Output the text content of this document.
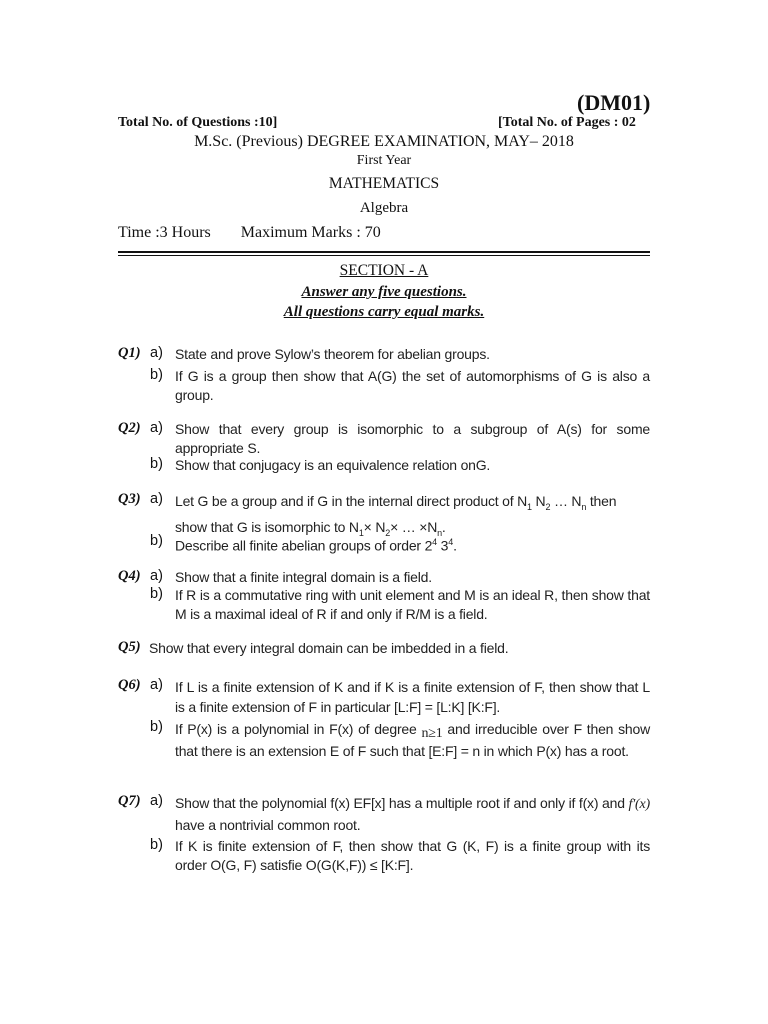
(DM01)
Total No. of Questions :10]	[Total No. of Pages : 02
M.Sc. (Previous) DEGREE EXAMINATION, MAY– 2018
First Year
MATHEMATICS
Algebra
Time :3 Hours Maximum Marks : 70
SECTION - A
Answer any five questions.
All questions carry equal marks.
Q1) a) State and prove Sylow’s theorem for abelian groups.
b) If G is a group then show that A(G) the set of automorphisms of G is also a group.
Q2) a) Show that every group is isomorphic to a subgroup of A(s) for some appropriate S.
b) Show that conjugacy is an equivalence relation onG.
Q3) a) Let G be a group and if G in the internal direct product of $N_1$ $N_2$ … $N_n$ then show that G is isomorphic to $N_1\times N_2\times$ … $\times N_n$.
b) Describe all finite abelian groups of order $2^4$ $3^4$.
Q4) a) Show that a finite integral domain is a field.
b) If R is a commutative ring with unit element and M is an ideal R, then show that M is a maximal ideal of R if and only if R/M is a field.
Q5) Show that every integral domain can be imbedded in a field.
Q6) a) If L is a finite extension of K and if K is a finite extension of F, then show that L is a finite extension of F in particular [L:F] = [L:K] [K:F].
b) If P(x) is a polynomial in F(x) of degree n≥1 and irreducible over F then show that there is an extension E of F such that [E:F] = n in which P(x) has a root.
Q7) a) Show that the polynomial f(x) EF[x] has a multiple root if and only if f(x) and f′(x) have a nontrivial common root.
b) If K is finite extension of F, then show that G (K, F) is a finite group with its order O(G, F) satisfie O(G(K,F)) ≤ [K:F].
